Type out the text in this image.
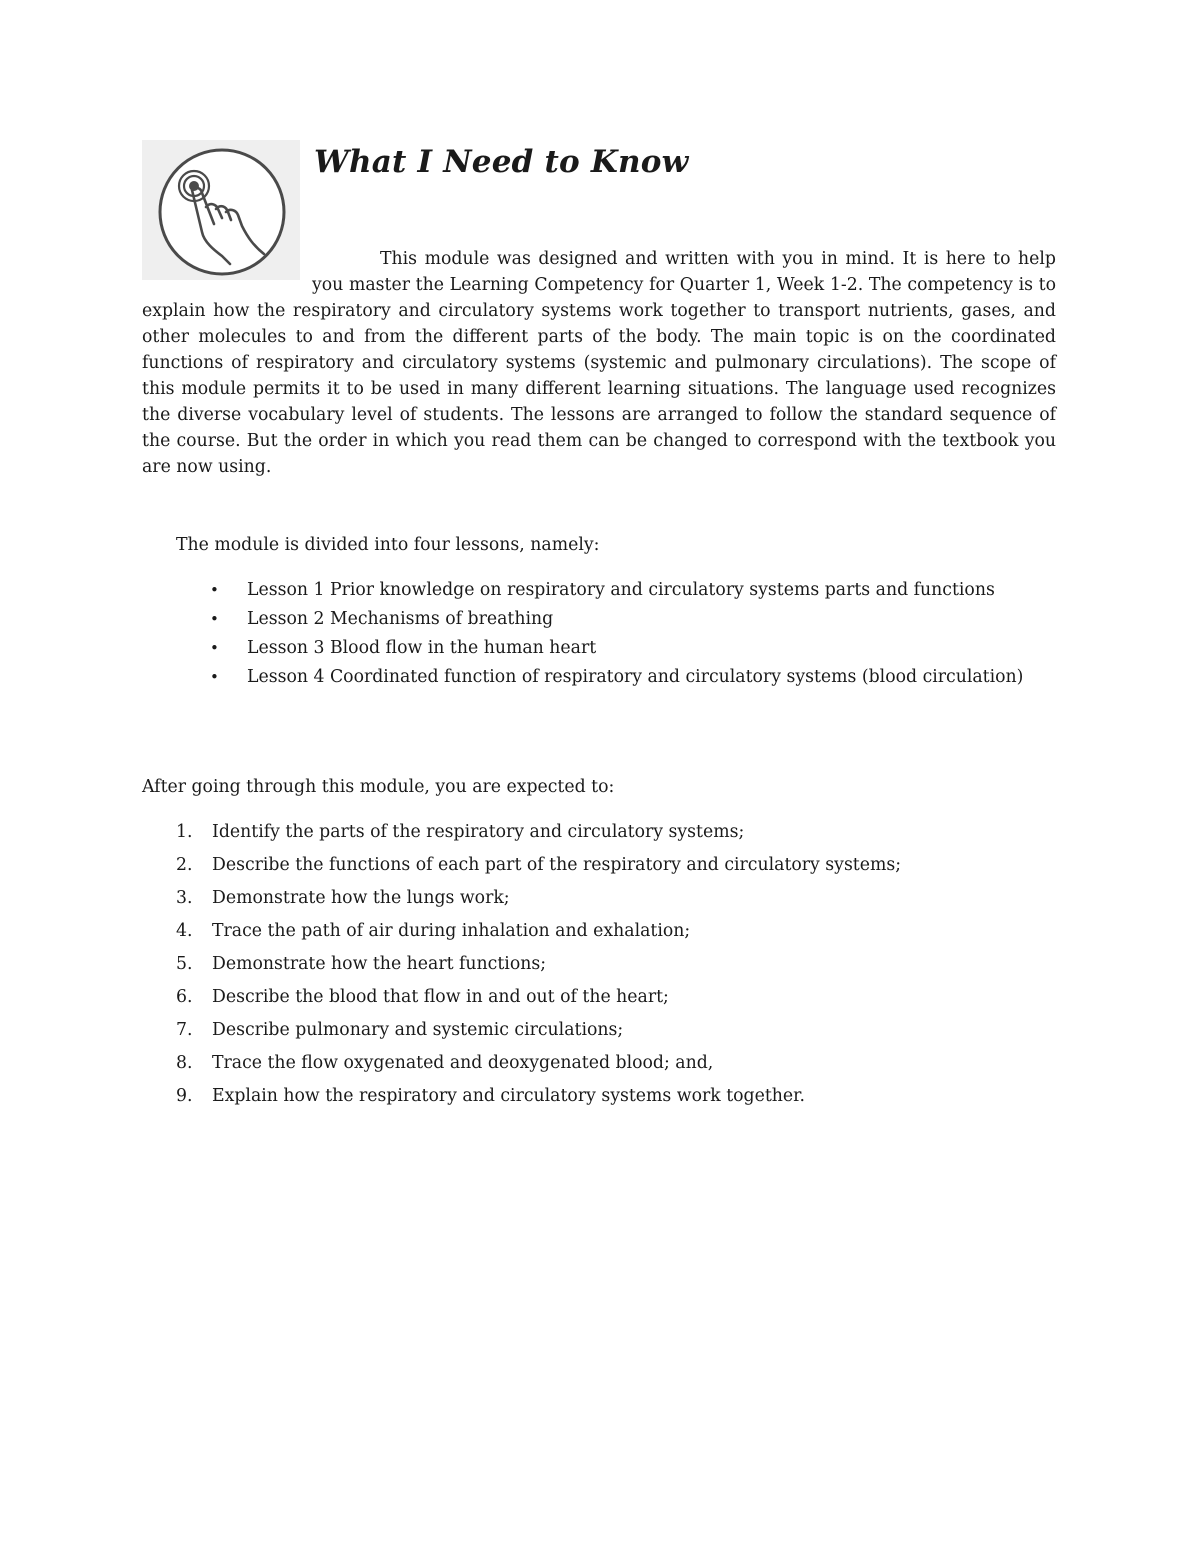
What I Need to Know

This module was designed and written with you in mind. It is here to help you master the Learning Competency for Quarter 1, Week 1-2. The competency is to explain how the respiratory and circulatory systems work together to transport nutrients, gases, and other molecules to and from the different parts of the body. The main topic is on the coordinated functions of respiratory and circulatory systems (systemic and pulmonary circulations). The scope of this module permits it to be used in many different learning situations. The language used recognizes the diverse vocabulary level of students. The lessons are arranged to follow the standard sequence of the course. But the order in which you read them can be changed to correspond with the textbook you are now using.

The module is divided into four lessons, namely:

• Lesson 1 Prior knowledge on respiratory and circulatory systems parts and functions
• Lesson 2 Mechanisms of breathing
• Lesson 3 Blood flow in the human heart
• Lesson 4 Coordinated function of respiratory and circulatory systems (blood circulation)

After going through this module, you are expected to:

1. Identify the parts of the respiratory and circulatory systems;
2. Describe the functions of each part of the respiratory and circulatory systems;
3. Demonstrate how the lungs work;
4. Trace the path of air during inhalation and exhalation;
5. Demonstrate how the heart functions;
6. Describe the blood that flow in and out of the heart;
7. Describe pulmonary and systemic circulations;
8. Trace the flow oxygenated and deoxygenated blood; and,
9. Explain how the respiratory and circulatory systems work together.
